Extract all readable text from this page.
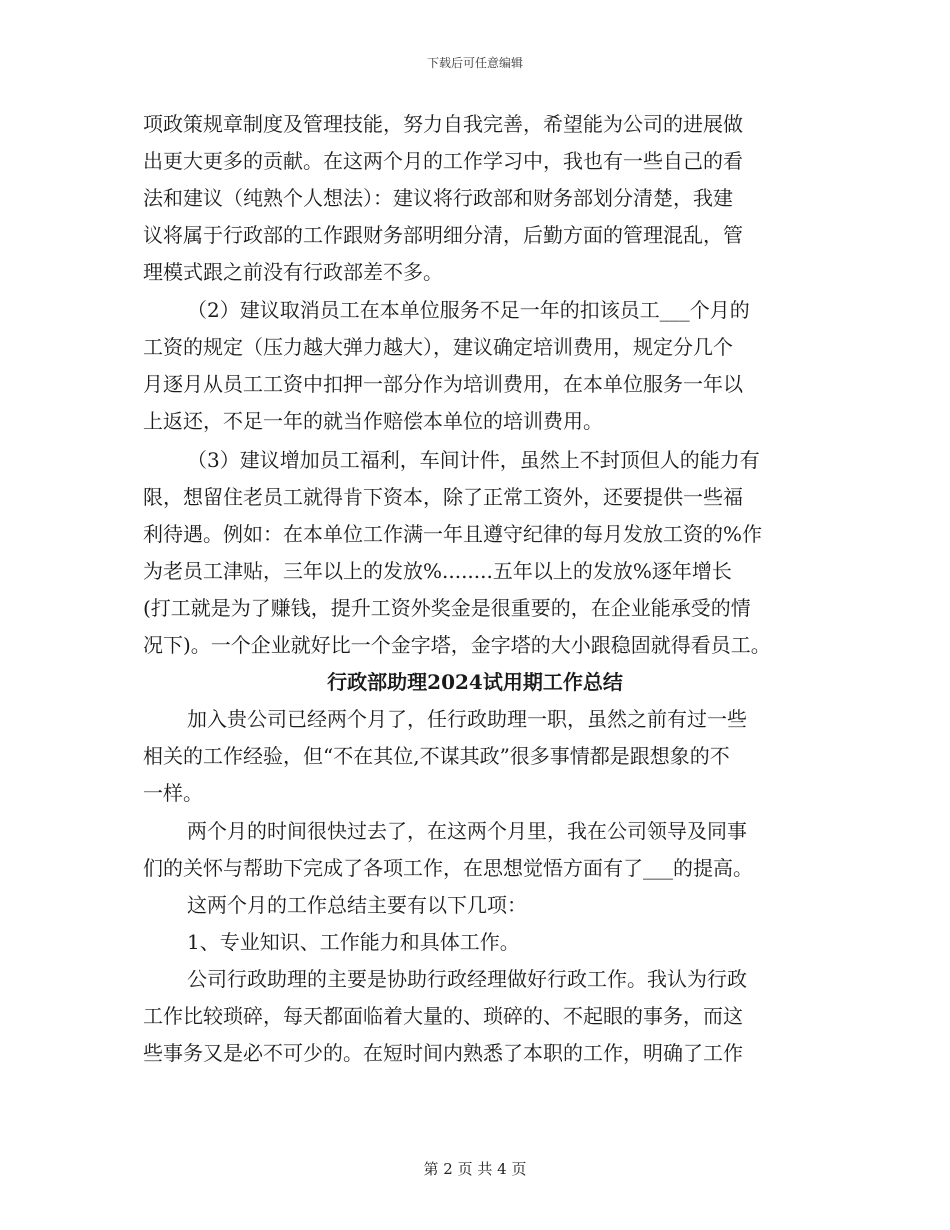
下载后可任意编辑
项政策规章制度及管理技能，努力自我完善，希望能为公司的进展做
出更大更多的贡献。在这两个月的工作学习中，我也有一些自己的看
法和建议（纯熟个人想法）：建议将行政部和财务部划分清楚，我建
议将属于行政部的工作跟财务部明细分清，后勤方面的管理混乱，管
理模式跟之前没有行政部差不多。
（2）建议取消员工在本单位服务不足一年的扣该员工___个月的
工资的规定（压力越大弹力越大），建议确定培训费用，规定分几个
月逐月从员工工资中扣押一部分作为培训费用，在本单位服务一年以
上返还，不足一年的就当作赔偿本单位的培训费用。
（3）建议增加员工福利，车间计件，虽然上不封顶但人的能力有
限，想留住老员工就得肯下资本，除了正常工资外，还要提供一些福
利待遇。例如：在本单位工作满一年且遵守纪律的每月发放工资的%作
为老员工津贴，三年以上的发放%........五年以上的发放%逐年增长
(打工就是为了赚钱，提升工资外奖金是很重要的，在企业能承受的情
况下)。一个企业就好比一个金字塔，金字塔的大小跟稳固就得看员工。
行政部助理2024试用期工作总结
加入贵公司已经两个月了，任行政助理一职，虽然之前有过一些
相关的工作经验，但“不在其位,不谋其政”很多事情都是跟想象的不
一样。
两个月的时间很快过去了，在这两个月里，我在公司领导及同事
们的关怀与帮助下完成了各项工作，在思想觉悟方面有了___的提高。
这两个月的工作总结主要有以下几项：
1、专业知识、工作能力和具体工作。
公司行政助理的主要是协助行政经理做好行政工作。我认为行政
工作比较琐碎，每天都面临着大量的、琐碎的、不起眼的事务，而这
些事务又是必不可少的。在短时间内熟悉了本职的工作，明确了工作
第 2 页 共 4 页
